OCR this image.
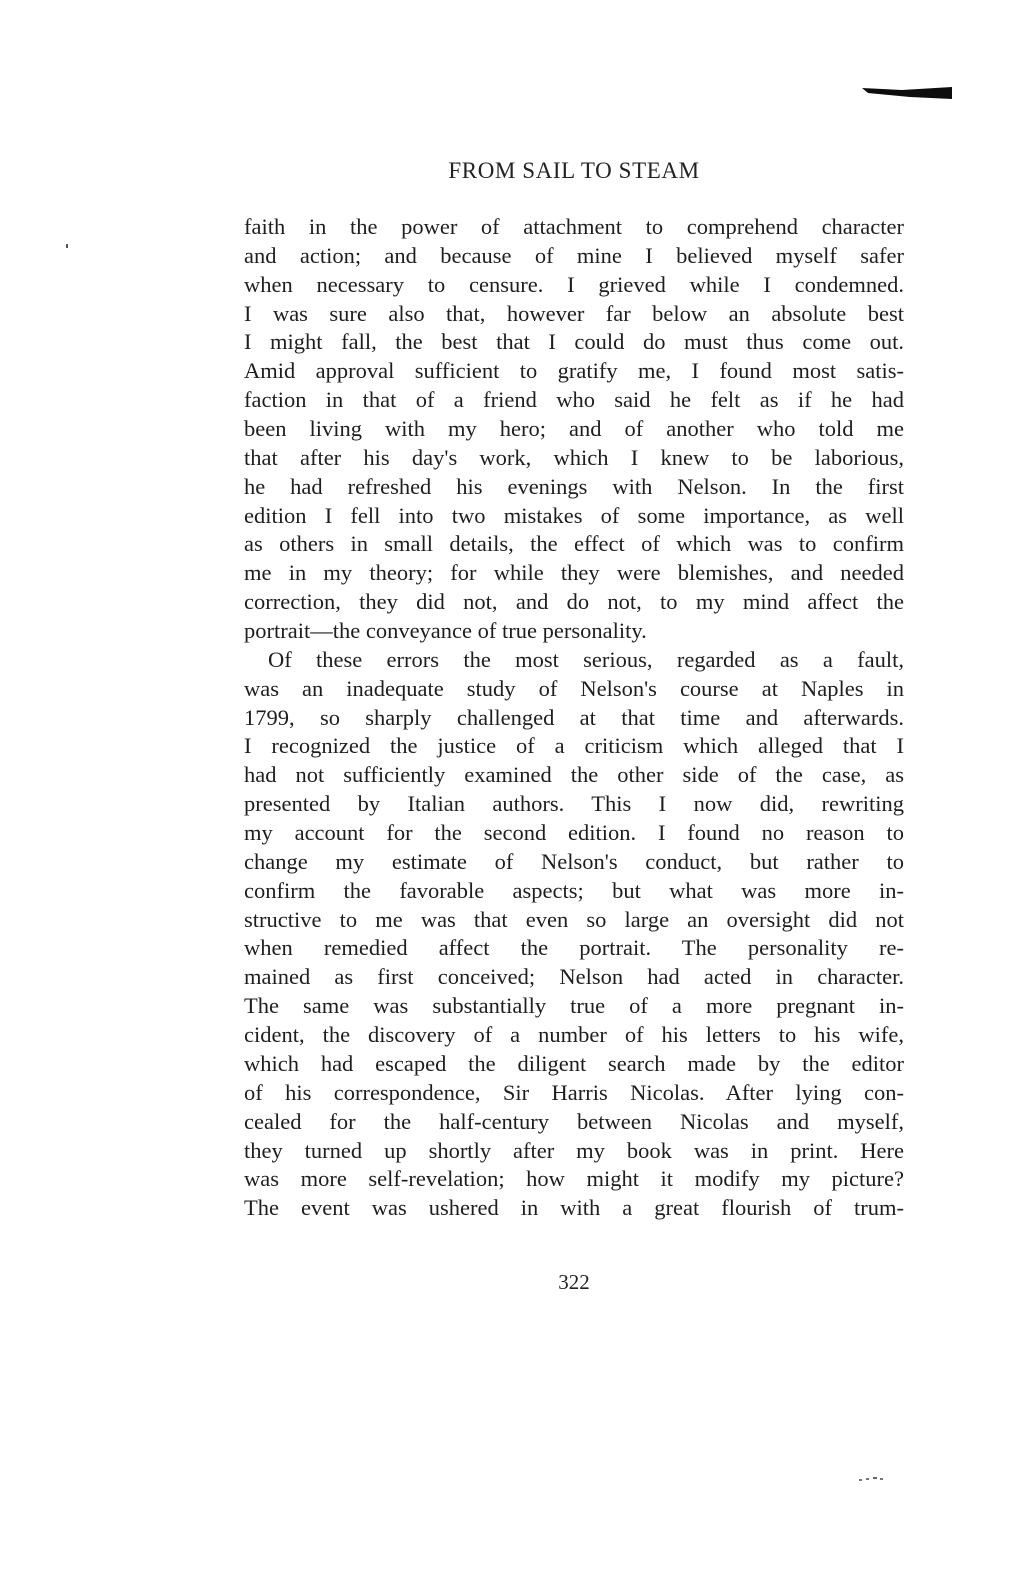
FROM SAIL TO STEAM
faith in the power of attachment to comprehend character
and action; and because of mine I believed myself safer
when necessary to censure. I grieved while I condemned.
I was sure also that, however far below an absolute best
I might fall, the best that I could do must thus come out.
Amid approval sufficient to gratify me, I found most satis-
faction in that of a friend who said he felt as if he had
been living with my hero; and of another who told me
that after his day's work, which I knew to be laborious,
he had refreshed his evenings with Nelson. In the first
edition I fell into two mistakes of some importance, as well
as others in small details, the effect of which was to confirm
me in my theory; for while they were blemishes, and needed
correction, they did not, and do not, to my mind affect the
portrait—the conveyance of true personality.
Of these errors the most serious, regarded as a fault,
was an inadequate study of Nelson's course at Naples in
1799, so sharply challenged at that time and afterwards.
I recognized the justice of a criticism which alleged that I
had not sufficiently examined the other side of the case, as
presented by Italian authors. This I now did, rewriting
my account for the second edition. I found no reason to
change my estimate of Nelson's conduct, but rather to
confirm the favorable aspects; but what was more in-
structive to me was that even so large an oversight did not
when remedied affect the portrait. The personality re-
mained as first conceived; Nelson had acted in character.
The same was substantially true of a more pregnant in-
cident, the discovery of a number of his letters to his wife,
which had escaped the diligent search made by the editor
of his correspondence, Sir Harris Nicolas. After lying con-
cealed for the half-century between Nicolas and myself,
they turned up shortly after my book was in print. Here
was more self-revelation; how might it modify my picture?
The event was ushered in with a great flourish of trum-
322
